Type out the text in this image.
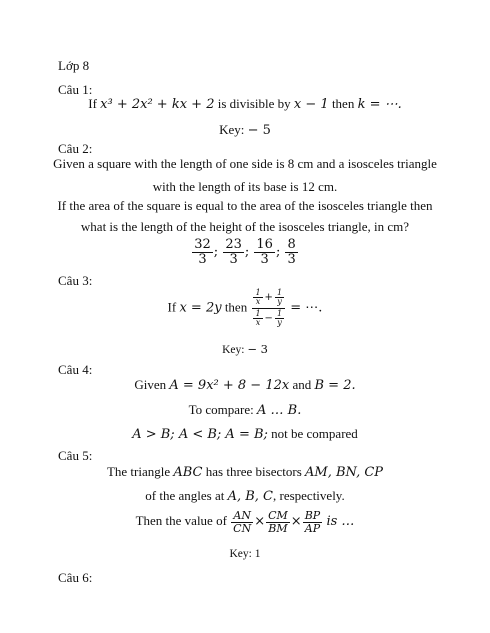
Lớp 8
Câu 1:
If x³ + 2x² + kx + 2 is divisible by x − 1 then k = ⋯.
Key: − 5
Câu 2:
Given a square with the length of one side is 8 cm and a isosceles triangle
with the length of its base is 12 cm.
If the area of the square is equal to the area of the isosceles triangle then
what is the length of the height of the isosceles triangle, in cm?
$\frac{32}{3}$ ; $\frac{23}{3}$ ; $\frac{16}{3}$ ; $\frac{8}{3}$
Câu 3:
If x = 2y then $\frac{\frac{1}{x} + \frac{1}{y}}{\frac{1}{x} - \frac{1}{y}}$ = ⋯.
Key: − 3
Câu 4:
Given A = 9x² + 8 − 12x and B = 2.
To compare: A … B.
A > B; A < B; A = B; not be compared
Câu 5:
The triangle ABC has three bisectors AM, BN, CP
of the angles at A, B, C, respectively.
Then the value of $\frac{AN}{CN} \times \frac{CM}{BM} \times \frac{BP}{AP}$ is …
Key: 1
Câu 6:
